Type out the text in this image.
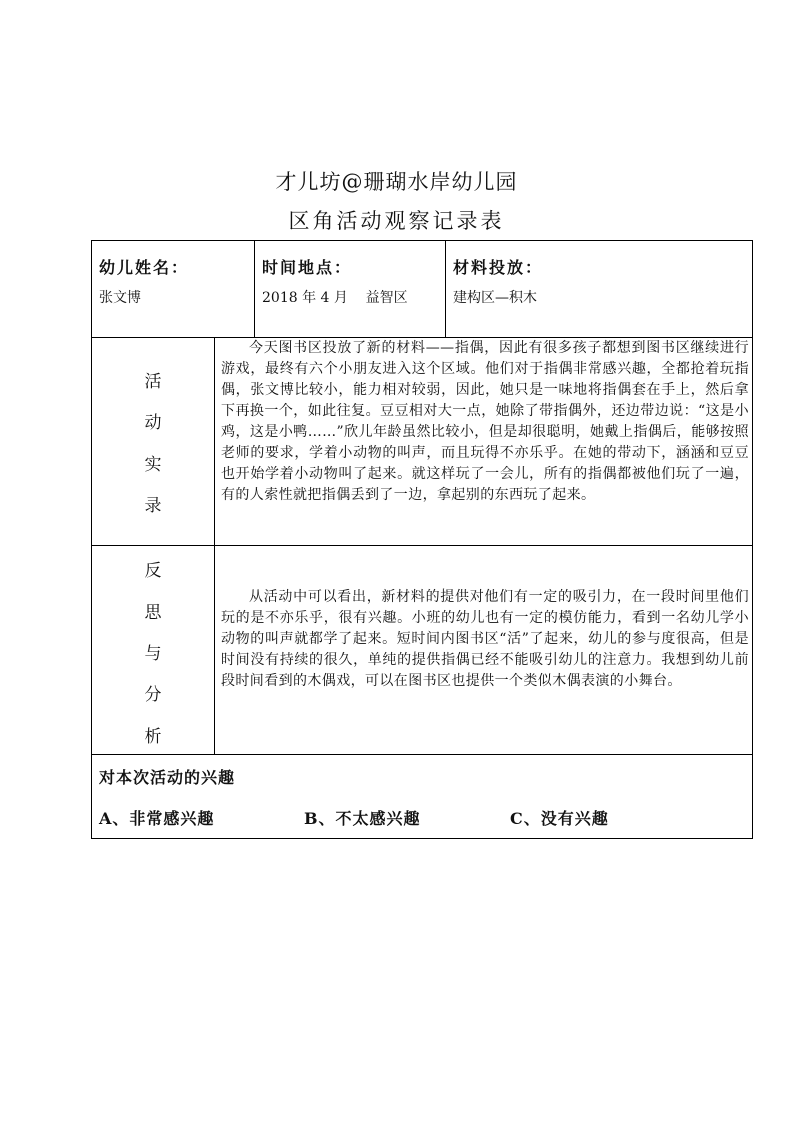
才儿坊@珊瑚水岸幼儿园
区角活动观察记录表
幼儿姓名：
张文博
时间地点：
2018 年 4 月    益智区
材料投放：
建构区—积木
活
动
实
录
今天图书区投放了新的材料——指偶，因此有很多孩子都想到图书区继续进行游戏，最终有六个小朋友进入这个区域。他们对于指偶非常感兴趣，全都抢着玩指偶，张文博比较小，能力相对较弱，因此，她只是一味地将指偶套在手上，然后拿下再换一个，如此往复。豆豆相对大一点，她除了带指偶外，还边带边说：“这是小鸡，这是小鸭……”欣儿年龄虽然比较小，但是却很聪明，她戴上指偶后，能够按照老师的要求，学着小动物的叫声，而且玩得不亦乐乎。在她的带动下，涵涵和豆豆也开始学着小动物叫了起来。就这样玩了一会儿，所有的指偶都被他们玩了一遍，有的人索性就把指偶丢到了一边，拿起别的东西玩了起来。
反
思
与
分
析
从活动中可以看出，新材料的提供对他们有一定的吸引力，在一段时间里他们玩的是不亦乐乎，很有兴趣。小班的幼儿也有一定的模仿能力，看到一名幼儿学小动物的叫声就都学了起来。短时间内图书区“活”了起来，幼儿的参与度很高，但是时间没有持续的很久，单纯的提供指偶已经不能吸引幼儿的注意力。我想到幼儿前段时间看到的木偶戏，可以在图书区也提供一个类似木偶表演的小舞台。
对本次活动的兴趣
A、非常感兴趣	B、不太感兴趣	C、没有兴趣
